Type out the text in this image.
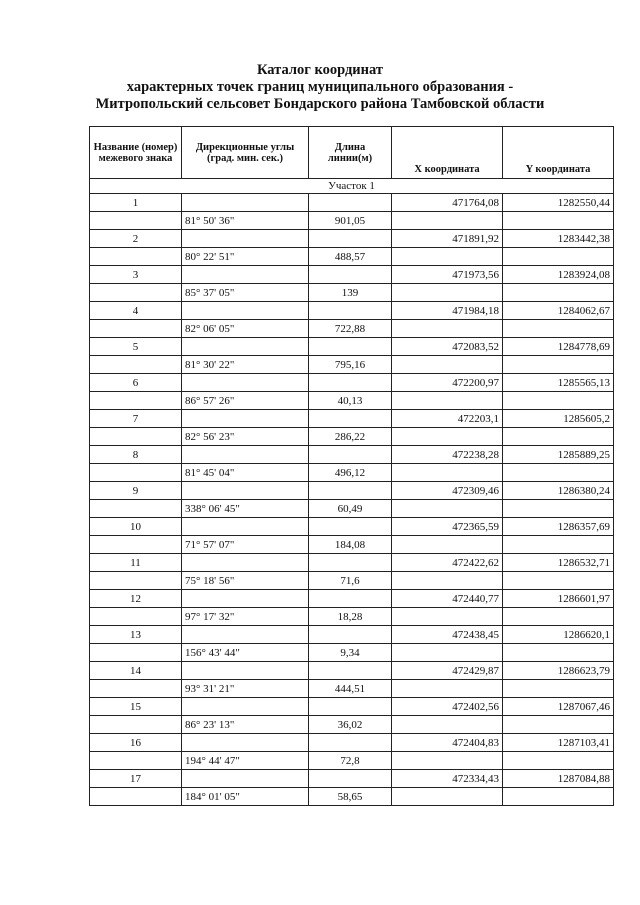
Каталог координат
характерных точек границ муниципального образования -
Митропольский сельсовет Бондарского района Тамбовской области
Название (номер) межевого знака	Дирекционные углы (град. мин. сек.)	Длина линии(м)	Х координата	Y координата
Участок 1				
1			471764,08	1282550,44
	81° 50' 36"	901,05		
2			471891,92	1283442,38
	80° 22' 51"	488,57		
3			471973,56	1283924,08
	85° 37' 05"	139		
4			471984,18	1284062,67
	82° 06' 05"	722,88		
5			472083,52	1284778,69
	81° 30' 22"	795,16		
6			472200,97	1285565,13
	86° 57' 26"	40,13		
7			472203,1	1285605,2
	82° 56' 23"	286,22		
8			472238,28	1285889,25
	81° 45' 04"	496,12		
9			472309,46	1286380,24
	338° 06' 45"	60,49		
10			472365,59	1286357,69
	71° 57' 07"	184,08		
11			472422,62	1286532,71
	75° 18' 56"	71,6		
12			472440,77	1286601,97
	97° 17' 32"	18,28		
13			472438,45	1286620,1
	156° 43' 44"	9,34		
14			472429,87	1286623,79
	93° 31' 21"	444,51		
15			472402,56	1287067,46
	86° 23' 13"	36,02		
16			472404,83	1287103,41
	194° 44' 47"	72,8		
17			472334,43	1287084,88
	184° 01' 05"	58,65		
